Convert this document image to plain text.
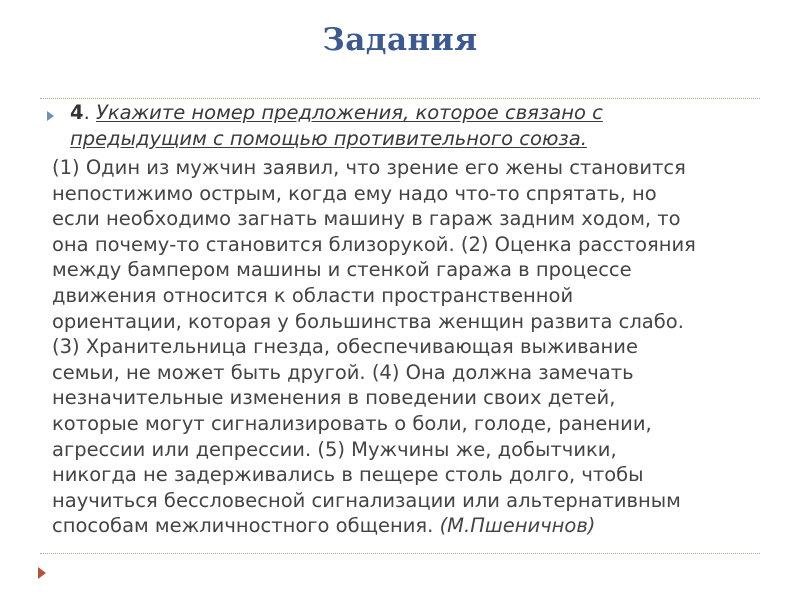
Задания
4. Укажите номер предложения, которое связано с
предыдущим с помощью противительного союза.
(1) Один из мужчин заявил, что зрение его жены становится
непостижимо острым, когда ему надо что-то спрятать, но
если необходимо загнать машину в гараж задним ходом, то
она почему-то становится близорукой. (2) Оценка расстояния
между бампером машины и стенкой гаража в процессе
движения относится к области пространственной
ориентации, которая у большинства женщин развита слабо.
(3) Хранительница гнезда, обеспечивающая выживание
семьи, не может быть другой. (4) Она должна замечать
незначительные изменения в поведении своих детей,
которые могут сигнализировать о боли, голоде, ранении,
агрессии или депрессии. (5) Мужчины же, добытчики,
никогда не задерживались в пещере столь долго, чтобы
научиться бессловесной сигнализации или альтернативным
способам межличностного общения. (М.Пшеничнов)
